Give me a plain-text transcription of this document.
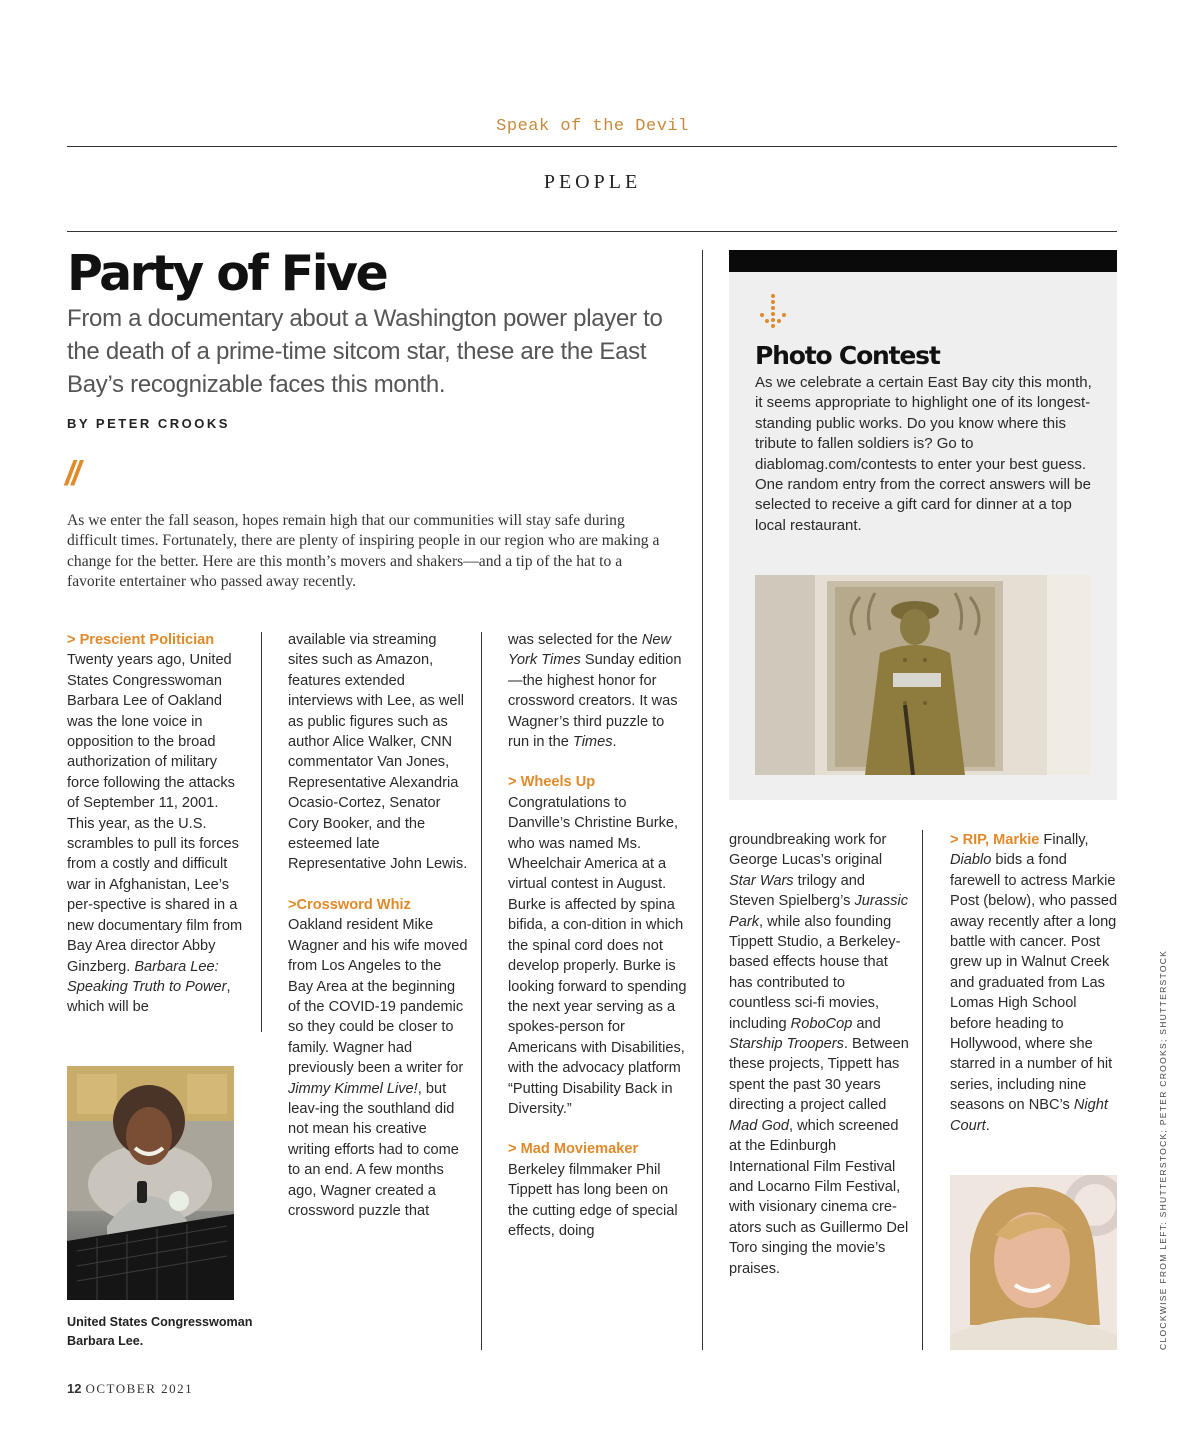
Speak of the Devil
PEOPLE
Party of Five
From a documentary about a Washington power player to the death of a prime-time sitcom star, these are the East Bay’s recognizable faces this month.
BY PETER CROOKS
//
As we enter the fall season, hopes remain high that our communities will stay safe during difficult times. Fortunately, there are plenty of inspiring people in our region who are making a change for the better. Here are this month’s movers and shakers—and a tip of the hat to a favorite entertainer who passed away recently.

> Prescient Politician
Twenty years ago, United States Congresswoman Barbara Lee of Oakland was the lone voice in opposition to the broad authorization of military force following the attacks of September 11, 2001. This year, as the U.S. scrambles to pull its forces from a costly and difficult war in Afghanistan, Lee’s per-spective is shared in a new documentary film from Bay Area director Abby Ginzberg. Barbara Lee: Speaking Truth to Power, which will be

United States Congresswoman Barbara Lee.

available via streaming sites such as Amazon, features extended interviews with Lee, as well as public figures such as author Alice Walker, CNN commentator Van Jones, Representative Alexandria Ocasio-Cortez, Senator Cory Booker, and the esteemed late Representative John Lewis.

>Crossword Whiz
Oakland resident Mike Wagner and his wife moved from Los Angeles to the Bay Area at the beginning of the COVID-19 pandemic so they could be closer to family. Wagner had previously been a writer for Jimmy Kimmel Live!, but leav-ing the southland did not mean his creative writing efforts had to come to an end. A few months ago, Wagner created a crossword puzzle that

was selected for the New York Times Sunday edition—the highest honor for crossword creators. It was Wagner’s third puzzle to run in the Times.

> Wheels Up
Congratulations to Danville’s Christine Burke, who was named Ms. Wheelchair America at a virtual contest in August. Burke is affected by spina bifida, a con-dition in which the spinal cord does not develop properly. Burke is looking forward to spending the next year serving as a spokes-person for Americans with Disabilities, with the advocacy platform “Putting Disability Back in Diversity.”

> Mad Moviemaker
Berkeley filmmaker Phil Tippett has long been on the cutting edge of special effects, doing

Photo Contest
As we celebrate a certain East Bay city this month, it seems appropriate to highlight one of its longest-standing public works. Do you know where this tribute to fallen soldiers is? Go to diablomag.com/contests to enter your best guess. One random entry from the correct answers will be selected to receive a gift card for dinner at a top local restaurant.

groundbreaking work for George Lucas’s original Star Wars trilogy and Steven Spielberg’s Jurassic Park, while also founding Tippett Studio, a Berkeley-based effects house that has contributed to countless sci-fi movies, including RoboCop and Starship Troopers. Between these projects, Tippett has spent the past 30 years directing a project called Mad God, which screened at the Edinburgh International Film Festival and Locarno Film Festival, with visionary cinema cre-ators such as Guillermo Del Toro singing the movie’s praises.

> RIP, Markie Finally, Diablo bids a fond farewell to actress Markie Post (below), who passed away recently after a long battle with cancer. Post grew up in Walnut Creek and graduated from Las Lomas High School before heading to Hollywood, where she starred in a number of hit series, including nine seasons on NBC’s Night Court.	CLOCKWISE FROM LEFT: SHUTTERSTOCK; PETER CROOKS; SHUTTERSTOCK
12 OCTOBER 2021
